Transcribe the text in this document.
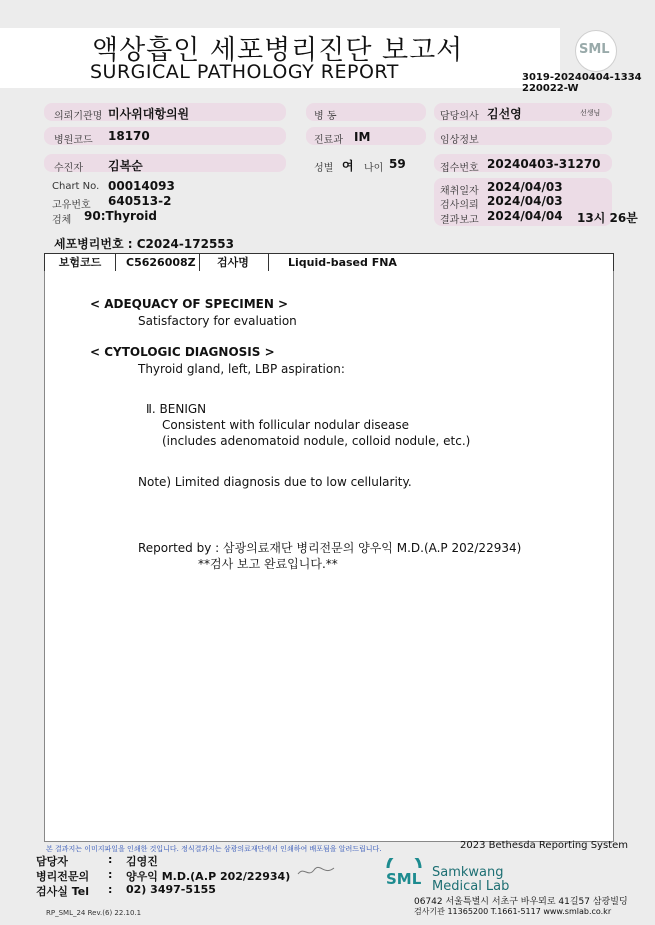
액상흡인 세포병리진단 보고서
SURGICAL PATHOLOGY REPORT
SML
3019-20240404-1334
220022-W
의뢰기관명 미사위대항의원	병 동	담당의사 김선영	선생님
병원코드 18170	진료과 IM	임상정보
수진자 김복순	성별 여 나이 59	접수번호 20240403-31270
Chart No. 00014093
고유번호 640513-2
검체 90:Thyroid
채취일자 2024/04/03
검사의뢰 2024/04/03
결과보고 2024/04/04 13시 26분
세포병리번호 : C2024-172553
보험코드	C5626008Z	검사명	Liquid-based FNA
< ADEQUACY OF SPECIMEN >
Satisfactory for evaluation
< CYTOLOGIC DIAGNOSIS >
Thyroid gland, left, LBP aspiration:
Ⅱ. BENIGN
Consistent with follicular nodular disease
(includes adenomatoid nodule, colloid nodule, etc.)
Note) Limited diagnosis due to low cellularity.
Reported by : 삼광의료재단 병리전문의 양우익 M.D.(A.P 202/22934)
**검사 보고 완료입니다.**
본 결과지는 이미지파일을 인쇄한 것입니다. 정식결과지는 삼광의료재단에서 인쇄하여 배포됨을 알려드립니다.	2023 Bethesda Reporting System
담당자	: 김영진
병리전문의 : 양우익 M.D.(A.P 202/22934)
검사실 Tel : 02) 3497-5155
RP_SML_24 Rev.(6) 22.10.1
SML Samkwang
Medical Lab
06742 서울특별시 서초구 바우뫼로 41길57 삼광빌딩
검사기관 11365200 T.1661-5117 www.smlab.co.kr
